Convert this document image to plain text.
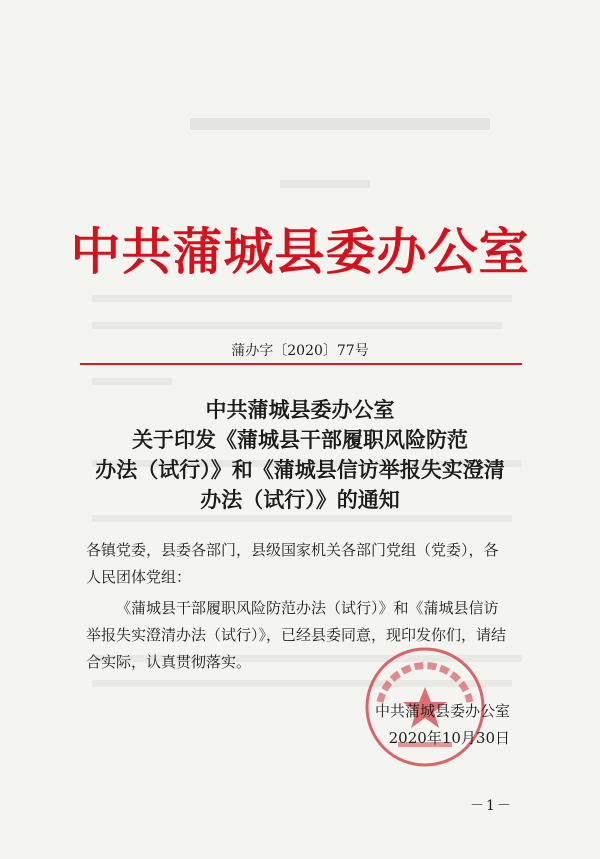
中共蒲城县委办公室
蒲办字〔2020〕77号
中共蒲城县委办公室
关于印发《蒲城县干部履职风险防范
办法（试行）》和《蒲城县信访举报失实澄清
办法（试行）》的通知
各镇党委，县委各部门，县级国家机关各部门党组（党委），各
人民团体党组：
《蒲城县干部履职风险防范办法（试行）》和《蒲城县信访
举报失实澄清办法（试行）》，已经县委同意，现印发你们，请结
合实际，认真贯彻落实。
中共蒲城县委办公室
2020年10月30日
－1－
